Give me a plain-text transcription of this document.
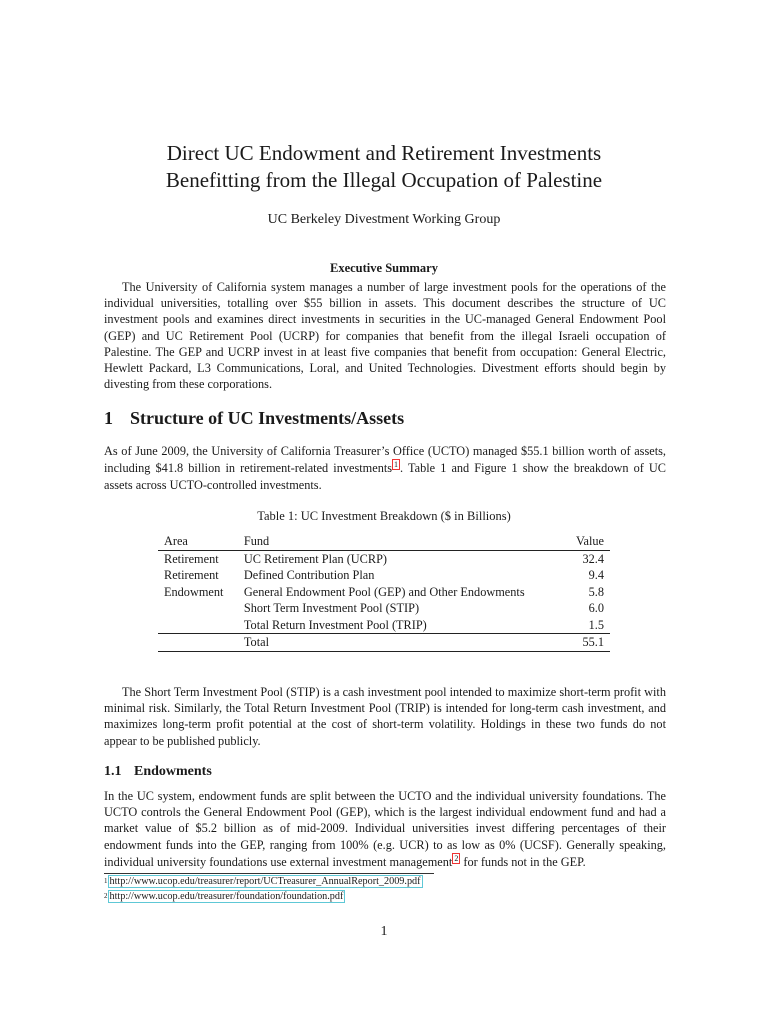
Direct UC Endowment and Retirement Investments
Benefitting from the Illegal Occupation of Palestine
UC Berkeley Divestment Working Group
Executive Summary

The University of California system manages a number of large investment pools for the operations of the individual universities, totalling over $55 billion in assets. This document describes the structure of UC investment pools and examines direct investments in securities in the UC-managed General Endowment Pool (GEP) and UC Retirement Pool (UCRP) for companies that benefit from the illegal Israeli occupation of Palestine. The GEP and UCRP invest in at least five companies that benefit from occupation: General Electric, Hewlett Packard, L3 Communications, Loral, and United Technologies. Divestment efforts should begin by divesting from these corporations.

1 Structure of UC Investments/Assets

As of June 2009, the University of California Treasurer’s Office (UCTO) managed $55.1 billion worth of assets, including $41.8 billion in retirement-related investments 1 . Table 1 and Figure 1 show the breakdown of UC assets across UCTO-controlled investments.

Table 1: UC Investment Breakdown ($ in Billions)
Area	Fund	Value
Retirement	UC Retirement Plan (UCRP)	32.4
Retirement	Defined Contribution Plan	9.4
Endowment	General Endowment Pool (GEP) and Other Endowments	5.8
	Short Term Investment Pool (STIP)	6.0
	Total Return Investment Pool (TRIP)	1.5
	Total	55.1

The Short Term Investment Pool (STIP) is a cash investment pool intended to maximize short-term profit with minimal risk. Similarly, the Total Return Investment Pool (TRIP) is intended for long-term cash investment, and maximizes long-term profit potential at the cost of short-term volatility. Holdings in these two funds do not appear to be published publicly.

1.1 Endowments

In the UC system, endowment funds are split between the UCTO and the individual university foundations. The UCTO controls the General Endowment Pool (GEP), which is the largest individual endowment fund and had a market value of $5.2 billion as of mid-2009. Individual universities invest differing percentages of their endowment funds into the GEP, ranging from 100% (e.g. UCR) to as low as 0% (UCSF). Generally speaking, individual university foundations use external investment management 2 for funds not in the GEP.

$^1$ http://www.ucop.edu/treasurer/report/UCTreasurer_AnnualReport_2009.pdf
$^2$ http://www.ucop.edu/treasurer/foundation/foundation.pdf
1
